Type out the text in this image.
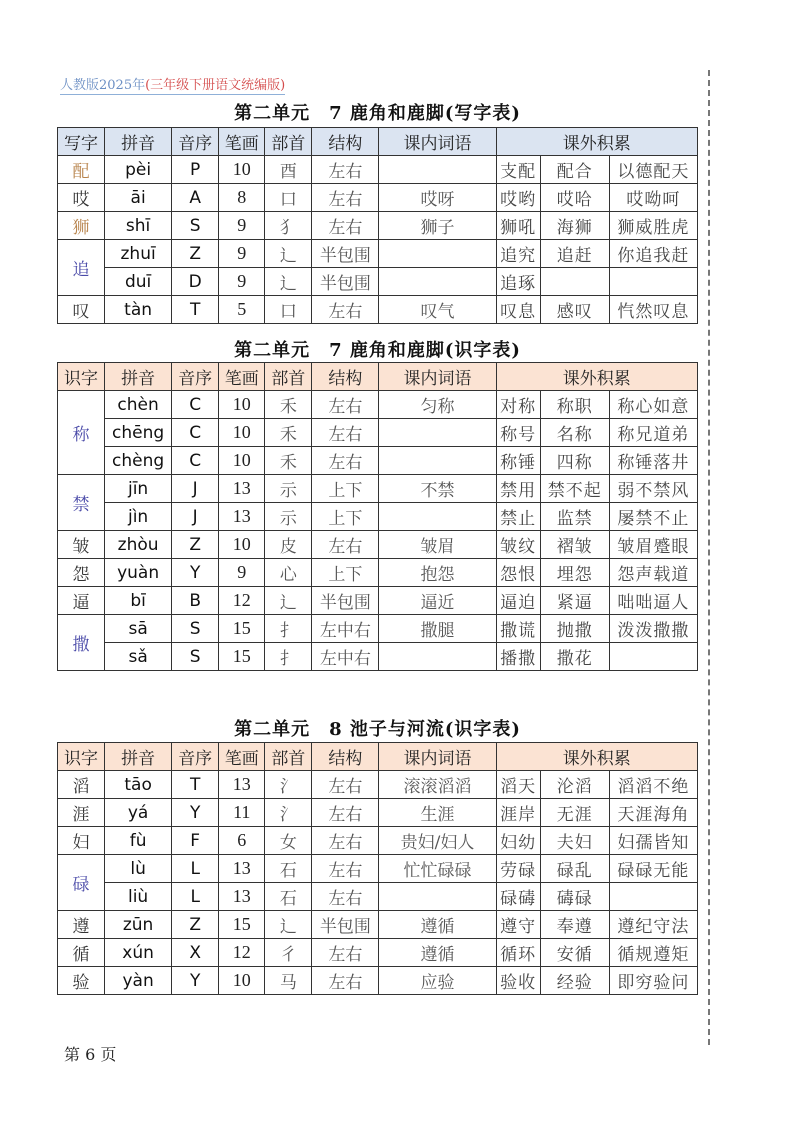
人教版2025年(三年级下册语文统编版)
第二单元　7 鹿角和鹿脚(写字表)
写字	拼音	音序	笔画	部首	结构	课内词语	课外积累		
配	pèi	P	10	酉	左右		支配	配合	以德配天
哎	āi	A	8	口	左右	哎呀	哎哟	哎哈	哎呦呵
狮	shī	S	9	犭	左右	狮子	狮吼	海狮	狮威胜虎
追	zhuī	Z	9	辶	半包围		追究	追赶	你追我赶
	duī	D	9	辶	半包围		追琢		
叹	tàn	T	5	口	左右	叹气	叹息	感叹	忾然叹息
第二单元　7 鹿角和鹿脚(识字表)
识字	拼音	音序	笔画	部首	结构	课内词语	课外积累		
称	chèn	C	10	禾	左右	匀称	对称	称职	称心如意
	chēng	C	10	禾	左右		称号	名称	称兄道弟
	chèng	C	10	禾	左右		称锤	四称	称锤落井
禁	jīn	J	13	示	上下	不禁	禁用	禁不起	弱不禁风
	jìn	J	13	示	上下		禁止	监禁	屡禁不止
皱	zhòu	Z	10	皮	左右	皱眉	皱纹	褶皱	皱眉蹙眼
怨	yuàn	Y	9	心	上下	抱怨	怨恨	埋怨	怨声载道
逼	bī	B	12	辶	半包围	逼近	逼迫	紧逼	咄咄逼人
撒	sā	S	15	扌	左中右	撒腿	撒谎	抛撒	泼泼撒撒
	sǎ	S	15	扌	左中右		播撒	撒花	
第二单元　8 池子与河流(识字表)
识字	拼音	音序	笔画	部首	结构	课内词语	课外积累		
滔	tāo	T	13	氵	左右	滚滚滔滔	滔天	沦滔	滔滔不绝
涯	yá	Y	11	氵	左右	生涯	涯岸	无涯	天涯海角
妇	fù	F	6	女	左右	贵妇/妇人	妇幼	夫妇	妇孺皆知
碌	lù	L	13	石	左右	忙忙碌碌	劳碌	碌乱	碌碌无能
	liù	L	13	石	左右		碌碡	碡碌	
遵	zūn	Z	15	辶	半包围	遵循	遵守	奉遵	遵纪守法
循	xún	X	12	彳	左右	遵循	循环	安循	循规遵矩
验	yàn	Y	10	马	左右	应验	验收	经验	即穷验问
第 6 页
